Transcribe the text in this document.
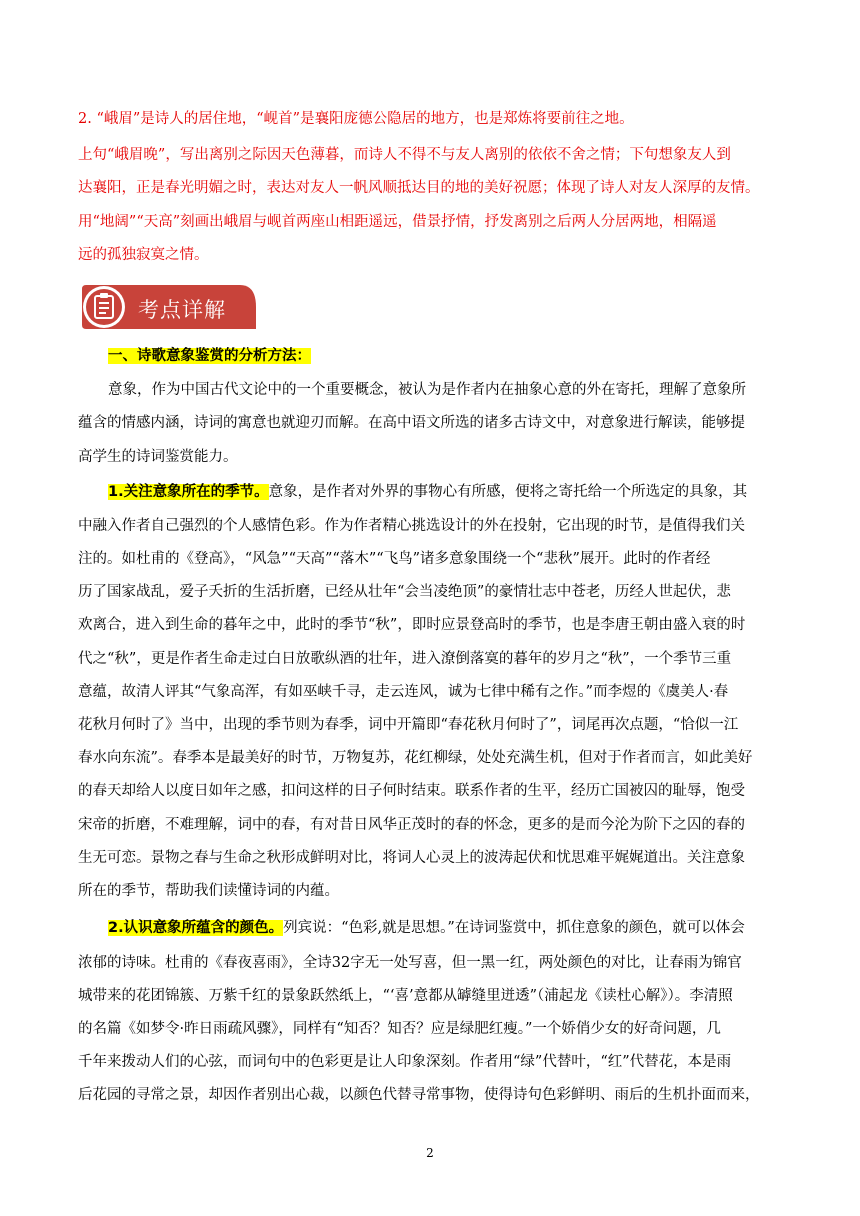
2. “峨眉”是诗人的居住地，“岘首”是襄阳庞德公隐居的地方，也是郑炼将要前往之地。
上句“峨眉晚”，写出离别之际因天色薄暮，而诗人不得不与友人离别的依依不舍之情；下句想象友人到
达襄阳，正是春光明媚之时，表达对友人一帆风顺抵达目的地的美好祝愿；体现了诗人对友人深厚的友情。
用“地阔”“天高”刻画出峨眉与岘首两座山相距遥远，借景抒情，抒发离别之后两人分居两地，相隔遥
远的孤独寂寞之情。
考点详解
一、诗歌意象鉴赏的分析方法：
意象，作为中国古代文论中的一个重要概念，被认为是作者内在抽象心意的外在寄托，理解了意象所
蕴含的情感内涵，诗词的寓意也就迎刃而解。在高中语文所选的诸多古诗文中，对意象进行解读，能够提
高学生的诗词鉴赏能力。
1.关注意象所在的季节。意象，是作者对外界的事物心有所感，便将之寄托给一个所选定的具象，其
中融入作者自己强烈的个人感情色彩。作为作者精心挑选设计的外在投射，它出现的时节，是值得我们关
注的。如杜甫的《登高》，“风急”“天高”“落木”“飞鸟”诸多意象围绕一个“悲秋”展开。此时的作者经
历了国家战乱，爱子夭折的生活折磨，已经从壮年“会当凌绝顶”的豪情壮志中苍老，历经人世起伏，悲
欢离合，进入到生命的暮年之中，此时的季节“秋”，即时应景登高时的季节，也是李唐王朝由盛入衰的时
代之“秋”，更是作者生命走过白日放歌纵酒的壮年，进入潦倒落寞的暮年的岁月之“秋”，一个季节三重
意蕴，故清人评其“气象高浑，有如巫峡千寻，走云连风，诚为七律中稀有之作。”而李煜的《虞美人·春
花秋月何时了》当中，出现的季节则为春季，词中开篇即“春花秋月何时了”，词尾再次点题，“恰似一江
春水向东流”。春季本是最美好的时节，万物复苏，花红柳绿，处处充满生机，但对于作者而言，如此美好
的春天却给人以度日如年之感，扣问这样的日子何时结束。联系作者的生平，经历亡国被囚的耻辱，饱受
宋帝的折磨，不难理解，词中的春，有对昔日风华正茂时的春的怀念，更多的是而今沦为阶下之囚的春的
生无可恋。景物之春与生命之秋形成鲜明对比，将词人心灵上的波涛起伏和忧思难平娓娓道出。关注意象
所在的季节，帮助我们读懂诗词的内蕴。
2.认识意象所蕴含的颜色。列宾说：“色彩,就是思想。”在诗词鉴赏中，抓住意象的颜色，就可以体会
浓郁的诗味。杜甫的《春夜喜雨》，全诗32字无一处写喜，但一黑一红，两处颜色的对比，让春雨为锦官
城带来的花团锦簇、万紫千红的景象跃然纸上，“‘喜’意都从罅缝里迸透”（浦起龙《读杜心解》）。李清照
的名篇《如梦令·昨日雨疏风骤》，同样有“知否？知否？应是绿肥红瘦。”一个娇俏少女的好奇问题，几
千年来拨动人们的心弦，而词句中的色彩更是让人印象深刻。作者用“绿”代替叶，“红”代替花，本是雨
后花园的寻常之景，却因作者别出心裁，以颜色代替寻常事物，使得诗句色彩鲜明、雨后的生机扑面而来，
2
